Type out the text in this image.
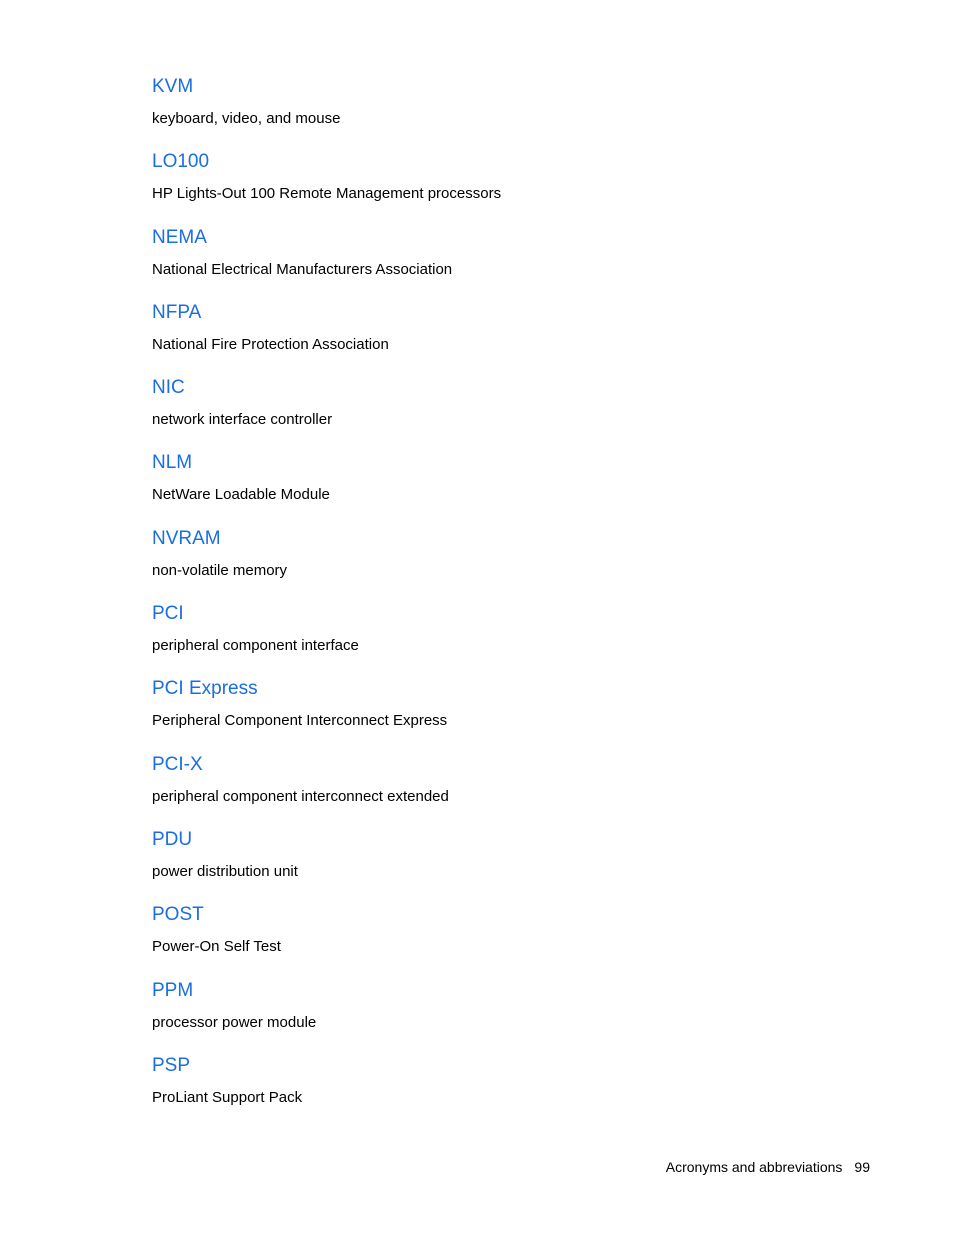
KVM
keyboard, video, and mouse
LO100
HP Lights-Out 100 Remote Management processors
NEMA
National Electrical Manufacturers Association
NFPA
National Fire Protection Association
NIC
network interface controller
NLM
NetWare Loadable Module
NVRAM
non-volatile memory
PCI
peripheral component interface
PCI Express
Peripheral Component Interconnect Express
PCI-X
peripheral component interconnect extended
PDU
power distribution unit
POST
Power-On Self Test
PPM
processor power module
PSP
ProLiant Support Pack
Acronyms and abbreviations 99
